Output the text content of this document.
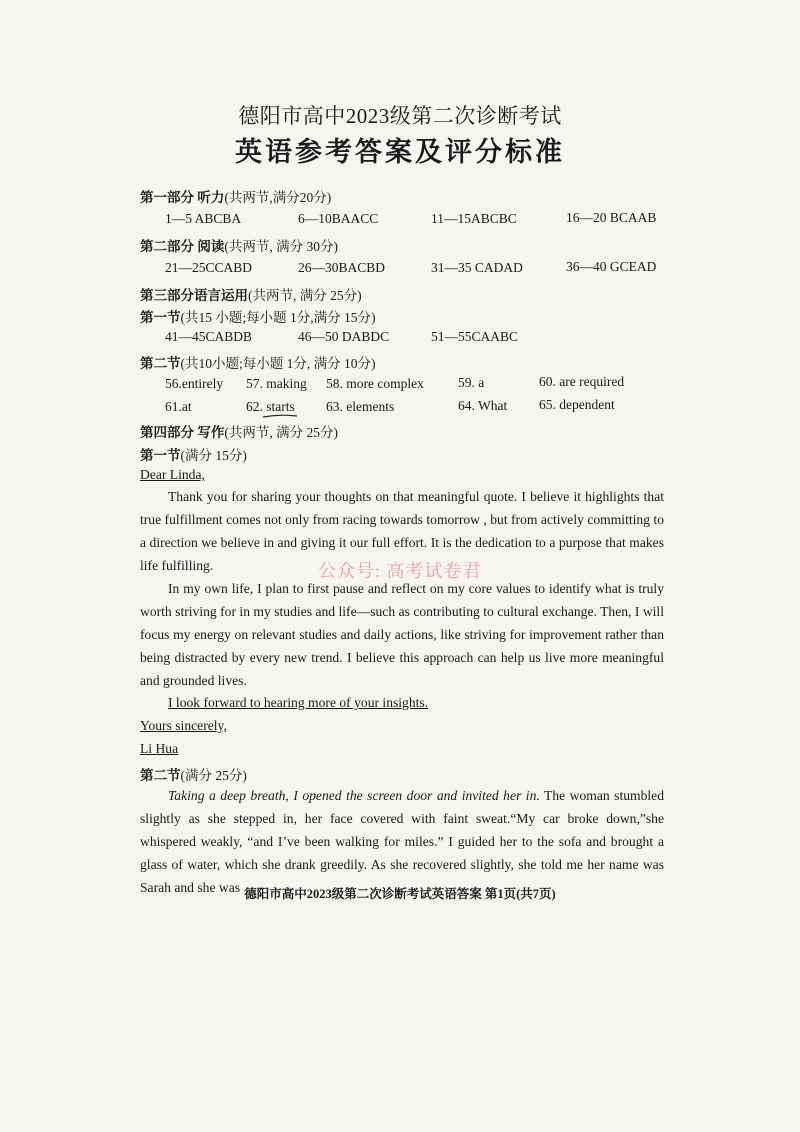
德阳市高中2023级第二次诊断考试
英语参考答案及评分标准
第一部分 听力(共两节,满分20分)
1—5 ABCBA	6—10BAACC	11—15ABCBC	16—20 BCAAB
第二部分 阅读(共两节, 满分 30分)
21—25CCABD	26—30BACBD	31—35 CADAD	36—40 GCEAD
第三部分语言运用(共两节, 满分 25分)
第一节(共15 小题;每小题 1分,满分 15分)
41—45CABDB	46—50 DABDC	51—55CAABC
第二节(共10小题;每小题 1分, 满分 10分)
56.entirely 57. making 58. more complex	59. a	60. are required
61.at	62. starts 63. elements	64. What 65. dependent
第四部分 写作(共两节, 满分 25分)
第一节(满分 15分)
Dear Linda,
Thank you for sharing your thoughts on that meaningful quote. I believe it highlights that true fulfillment comes not only from racing towards tomorrow , but from actively committing to a direction we believe in and giving it our full effort. It is the dedication to a purpose that makes life fulfilling.
In my own life, I plan to first pause and reflect on my core values to identify what is truly worth striving for in my studies and life—such as contributing to cultural exchange. Then, I will focus my energy on relevant studies and daily actions, like striving for improvement rather than being distracted by every new trend. I believe this approach can help us live more meaningful and grounded lives.
I look forward to hearing more of your insights.
Yours sincerely,
Li Hua
第二节(满分 25分)
Taking a deep breath, I opened the screen door and invited her in. The woman stumbled slightly as she stepped in, her face covered with faint sweat.“My car broke down,”she whispered weakly, “and I’ve been walking for miles.” I guided her to the sofa and brought a glass of water, which she drank greedily. As she recovered slightly, she told me her name was Sarah and she was
公众号: 高考试卷君
德阳市高中2023级第二次诊断考试英语答案 第1页(共7页)
